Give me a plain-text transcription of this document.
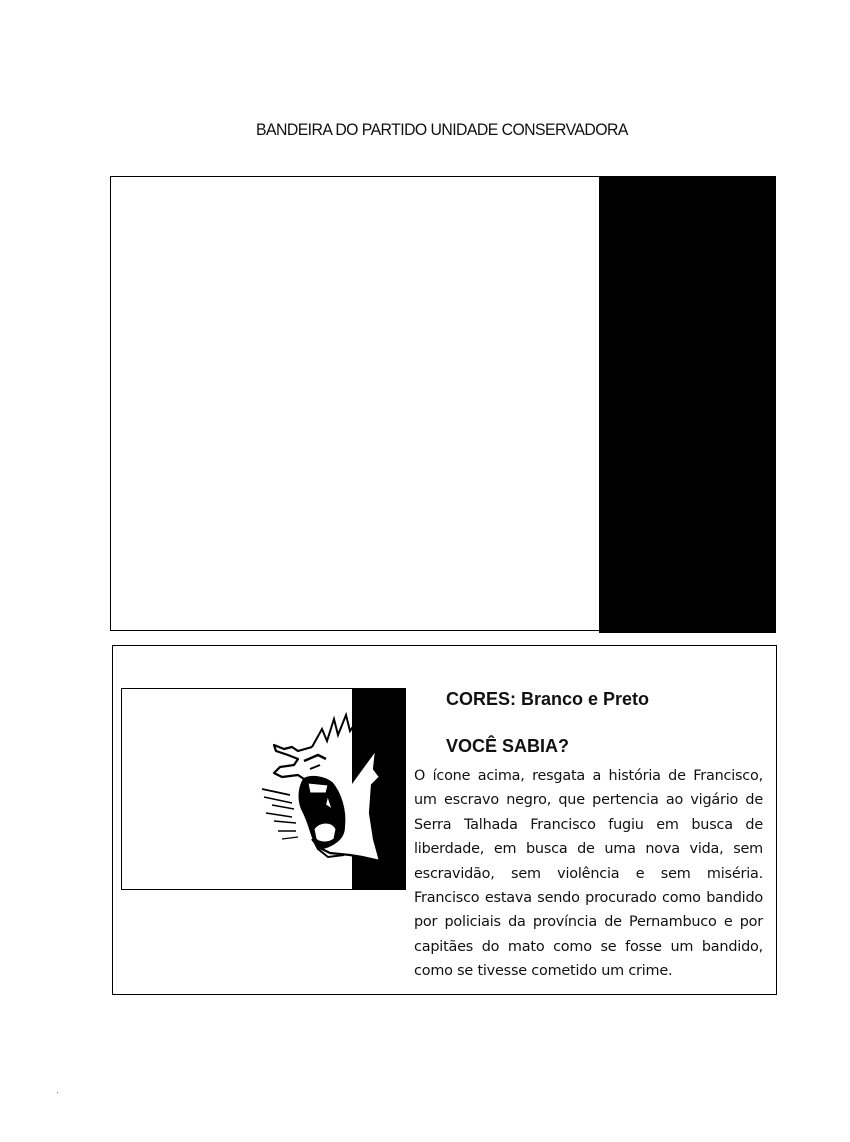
BANDEIRA DO PARTIDO UNIDADE CONSERVADORA
CORES: Branco e Preto
VOCÊ SABIA?
O ícone acima, resgata a história de Francisco, um escravo negro, que pertencia ao vigário de Serra Talhada Francisco fugiu em busca de liberdade, em busca de uma nova vida, sem escravidão, sem violência e sem miséria. Francisco estava sendo procurado como bandido por policiais da província de Pernambuco e por capitães do mato como se fosse um bandido, como se tivesse cometido um crime.
